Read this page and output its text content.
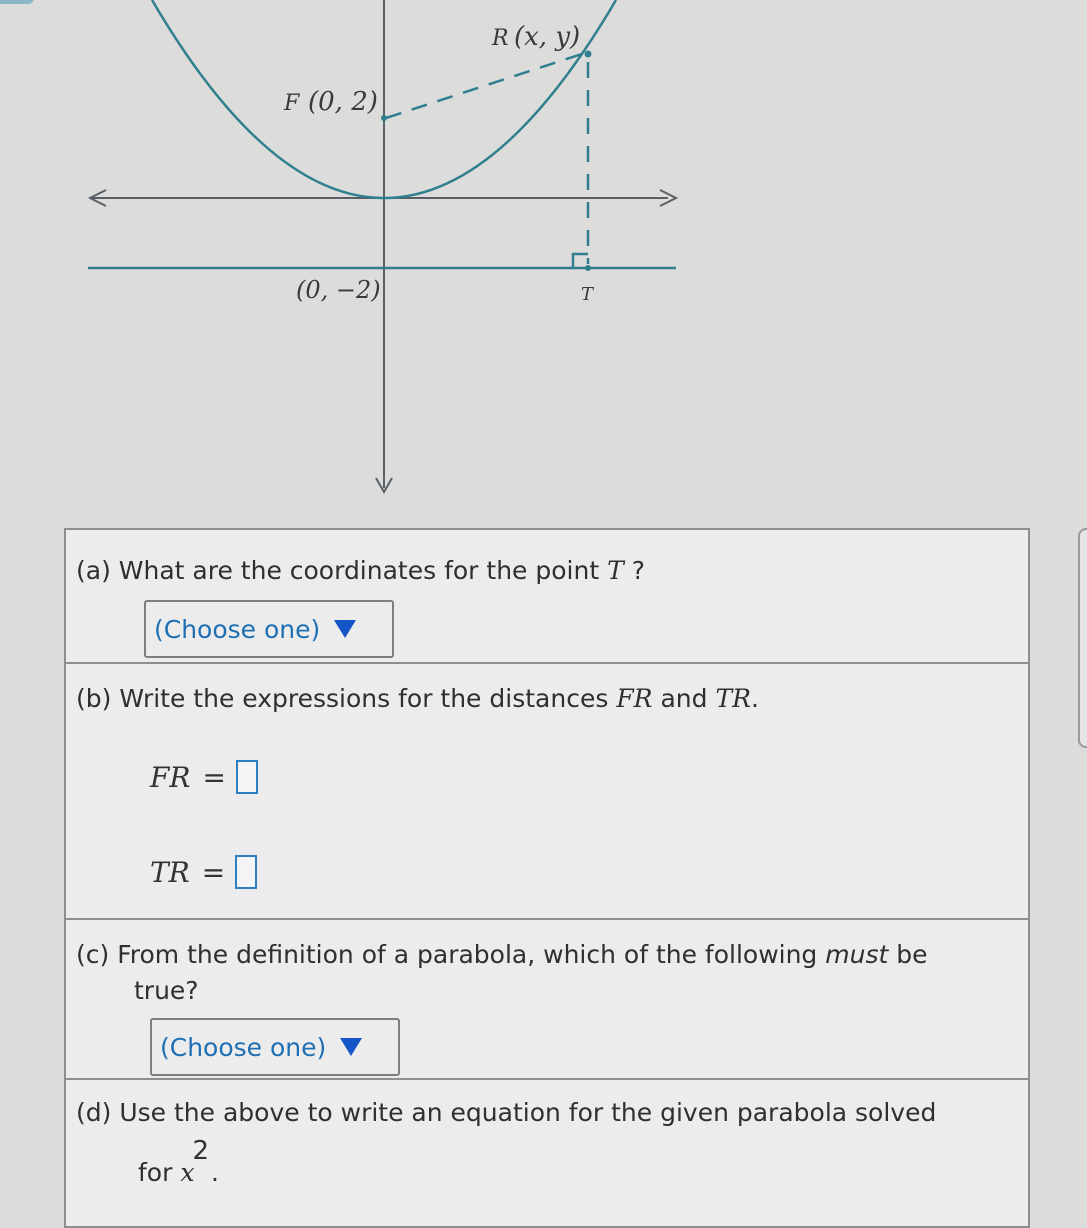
R (x, y)
F (0, 2)
(0, −2)	T
(a) What are the coordinates for the point T ?
(Choose one)
(b) Write the expressions for the distances FR and TR.
FR =
TR =
(c) From the definition of a parabola, which of the following must be
true?
(Choose one)
(d) Use the above to write an equation for the given parabola solved
for x2.
